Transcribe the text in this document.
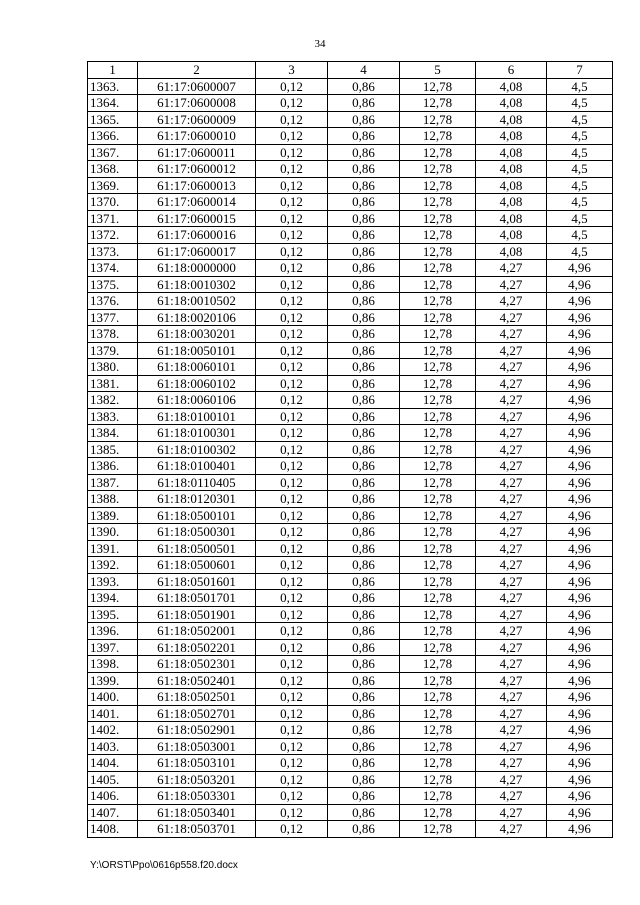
34
1	2	3	4	5	6	7
1363.	61:17:0600007	0,12	0,86	12,78	4,08	4,5
1364.	61:17:0600008	0,12	0,86	12,78	4,08	4,5
1365.	61:17:0600009	0,12	0,86	12,78	4,08	4,5
1366.	61:17:0600010	0,12	0,86	12,78	4,08	4,5
1367.	61:17:0600011	0,12	0,86	12,78	4,08	4,5
1368.	61:17:0600012	0,12	0,86	12,78	4,08	4,5
1369.	61:17:0600013	0,12	0,86	12,78	4,08	4,5
1370.	61:17:0600014	0,12	0,86	12,78	4,08	4,5
1371.	61:17:0600015	0,12	0,86	12,78	4,08	4,5
1372.	61:17:0600016	0,12	0,86	12,78	4,08	4,5
1373.	61:17:0600017	0,12	0,86	12,78	4,08	4,5
1374.	61:18:0000000	0,12	0,86	12,78	4,27	4,96
1375.	61:18:0010302	0,12	0,86	12,78	4,27	4,96
1376.	61:18:0010502	0,12	0,86	12,78	4,27	4,96
1377.	61:18:0020106	0,12	0,86	12,78	4,27	4,96
1378.	61:18:0030201	0,12	0,86	12,78	4,27	4,96
1379.	61:18:0050101	0,12	0,86	12,78	4,27	4,96
1380.	61:18:0060101	0,12	0,86	12,78	4,27	4,96
1381.	61:18:0060102	0,12	0,86	12,78	4,27	4,96
1382.	61:18:0060106	0,12	0,86	12,78	4,27	4,96
1383.	61:18:0100101	0,12	0,86	12,78	4,27	4,96
1384.	61:18:0100301	0,12	0,86	12,78	4,27	4,96
1385.	61:18:0100302	0,12	0,86	12,78	4,27	4,96
1386.	61:18:0100401	0,12	0,86	12,78	4,27	4,96
1387.	61:18:0110405	0,12	0,86	12,78	4,27	4,96
1388.	61:18:0120301	0,12	0,86	12,78	4,27	4,96
1389.	61:18:0500101	0,12	0,86	12,78	4,27	4,96
1390.	61:18:0500301	0,12	0,86	12,78	4,27	4,96
1391.	61:18:0500501	0,12	0,86	12,78	4,27	4,96
1392.	61:18:0500601	0,12	0,86	12,78	4,27	4,96
1393.	61:18:0501601	0,12	0,86	12,78	4,27	4,96
1394.	61:18:0501701	0,12	0,86	12,78	4,27	4,96
1395.	61:18:0501901	0,12	0,86	12,78	4,27	4,96
1396.	61:18:0502001	0,12	0,86	12,78	4,27	4,96
1397.	61:18:0502201	0,12	0,86	12,78	4,27	4,96
1398.	61:18:0502301	0,12	0,86	12,78	4,27	4,96
1399.	61:18:0502401	0,12	0,86	12,78	4,27	4,96
1400.	61:18:0502501	0,12	0,86	12,78	4,27	4,96
1401.	61:18:0502701	0,12	0,86	12,78	4,27	4,96
1402.	61:18:0502901	0,12	0,86	12,78	4,27	4,96
1403.	61:18:0503001	0,12	0,86	12,78	4,27	4,96
1404.	61:18:0503101	0,12	0,86	12,78	4,27	4,96
1405.	61:18:0503201	0,12	0,86	12,78	4,27	4,96
1406.	61:18:0503301	0,12	0,86	12,78	4,27	4,96
1407.	61:18:0503401	0,12	0,86	12,78	4,27	4,96
1408.	61:18:0503701	0,12	0,86	12,78	4,27	4,96
Y:\ORST\Ppo\0616p558.f20.docx
